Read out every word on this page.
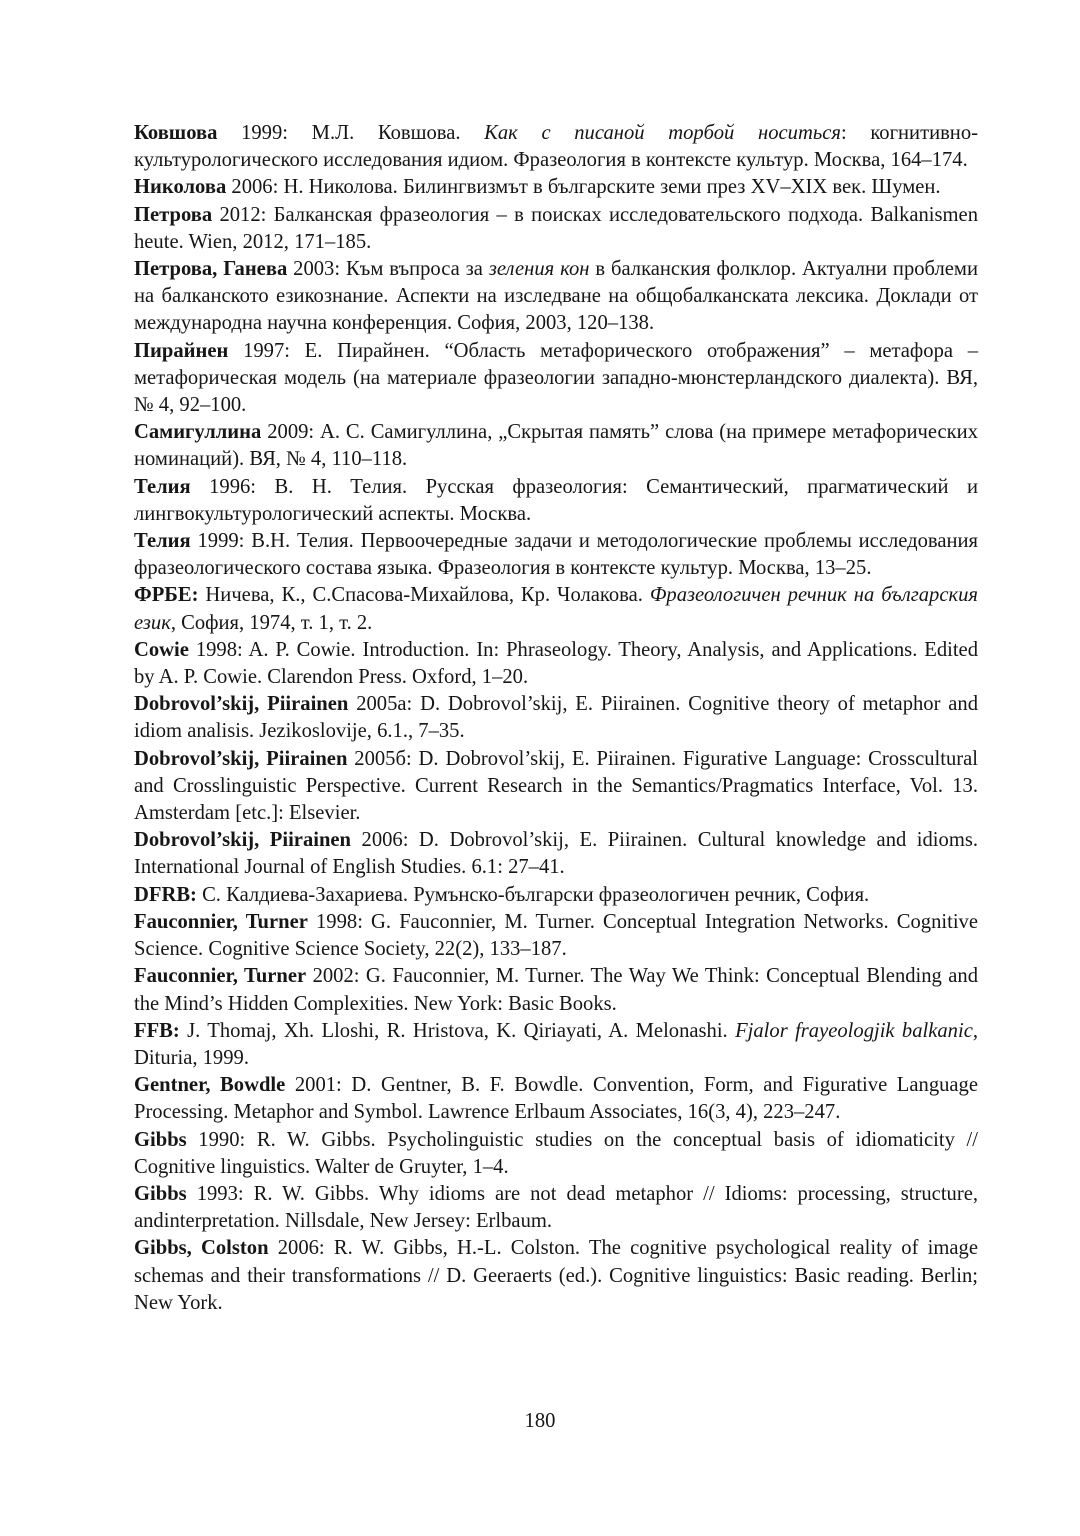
Ковшова 1999: М.Л. Ковшова. Как с писаной торбой носиться: когнитивно-культурологического исследования идиом. Фразеология в контексте культур. Москва, 164–174.

Николова 2006: Н. Николова. Билингвизмът в българските земи през XV–XIX век. Шумен.

Петрова 2012: Балканская фразеология – в поисках исследовательского подхода. Balkanismen heute. Wien, 2012, 171–185.

Петрова, Ганева 2003: Към въпроса за зеления кон в балканския фолклор. Актуални проблеми на балканското езикознание. Аспекти на изследване на общобалканската лексика. Доклади от международна научна конференция. София, 2003, 120–138.

Пирайнен 1997: Е. Пирайнен. “Область метафорического отображения” – метафора – метафорическая модель (на материале фразеологии западно-мюнстерландского диалекта). ВЯ, № 4, 92–100.

Самигуллина 2009: А. С. Самигуллина, „Скрытая память” слова (на примере метафорических номинаций). ВЯ, № 4, 110–118.

Телия 1996: В. Н. Телия. Русская фразеология: Семантический, прагматический и лингвокультурологический аспекты. Москва.

Телия 1999: В.Н. Телия. Первоочередные задачи и методологические проблемы исследования фразеологического состава языка. Фразеология в контексте культур. Москва, 13–25.

ФРБЕ: Ничева, К., С.Спасова-Михайлова, Кр. Чолакова. Фразеологичен речник на българския език, София, 1974, т. 1, т. 2.

Cowie 1998: A. P. Cowie. Introduction. In: Phraseology. Theory, Analysis, and Applications. Edited by A. P. Cowie. Clarendon Press. Oxford, 1–20.

Dobrovol’skij, Piirainen 2005a: D. Dobrovol’skij, E. Piirainen. Cognitive theory of metaphor and idiom analisis. Jezikoslovije, 6.1., 7–35.

Dobrovol’skij, Piirainen 2005б: D. Dobrovol’skij, E. Piirainen. Figurative Language: Crosscultural and Crosslinguistic Perspective. Current Research in the Semantics/Pragmatics Interface, Vol. 13. Amsterdam [etc.]: Elsevier.

Dobrovol’skij, Piirainen 2006: D. Dobrovol’skij, E. Piirainen. Cultural knowledge and idioms. International Journal of English Studies. 6.1: 27–41.

DFRB: С. Калдиева-Захариева. Румънско-български фразеологичен речник, София.

Fauconnier, Turner 1998: G. Fauconnier, M. Turner. Conceptual Integration Networks. Cognitive Science. Cognitive Science Society, 22(2), 133–187.

Fauconnier, Turner 2002: G. Fauconnier, M. Turner. The Way We Think: Conceptual Blending and the Mind’s Hidden Complexities. New York: Basic Books.

FFB: J. Thomaj, Xh. Lloshi, R. Hristova, K. Qiriayati, A. Melonashi. Fjalor frayeologjik balkanic, Dituria, 1999.

Gentner, Bowdle 2001: D. Gentner, B. F. Bowdle. Convention, Form, and Figurative Language Processing. Metaphor and Symbol. Lawrence Erlbaum Associates, 16(3, 4), 223–247.

Gibbs 1990: R. W. Gibbs. Psycholinguistic studies on the conceptual basis of idiomaticity // Cognitive linguistics. Walter de Gruyter, 1–4.

Gibbs 1993: R. W. Gibbs. Why idioms are not dead metaphor // Idioms: processing, structure, andinterpretation. Nillsdale, New Jersey: Erlbaum.

Gibbs, Colston 2006: R. W. Gibbs, H.-L. Colston. The cognitive psychological reality of image schemas and their transformations // D. Geeraerts (ed.). Cognitive linguistics: Basic reading. Berlin; New York.

180
